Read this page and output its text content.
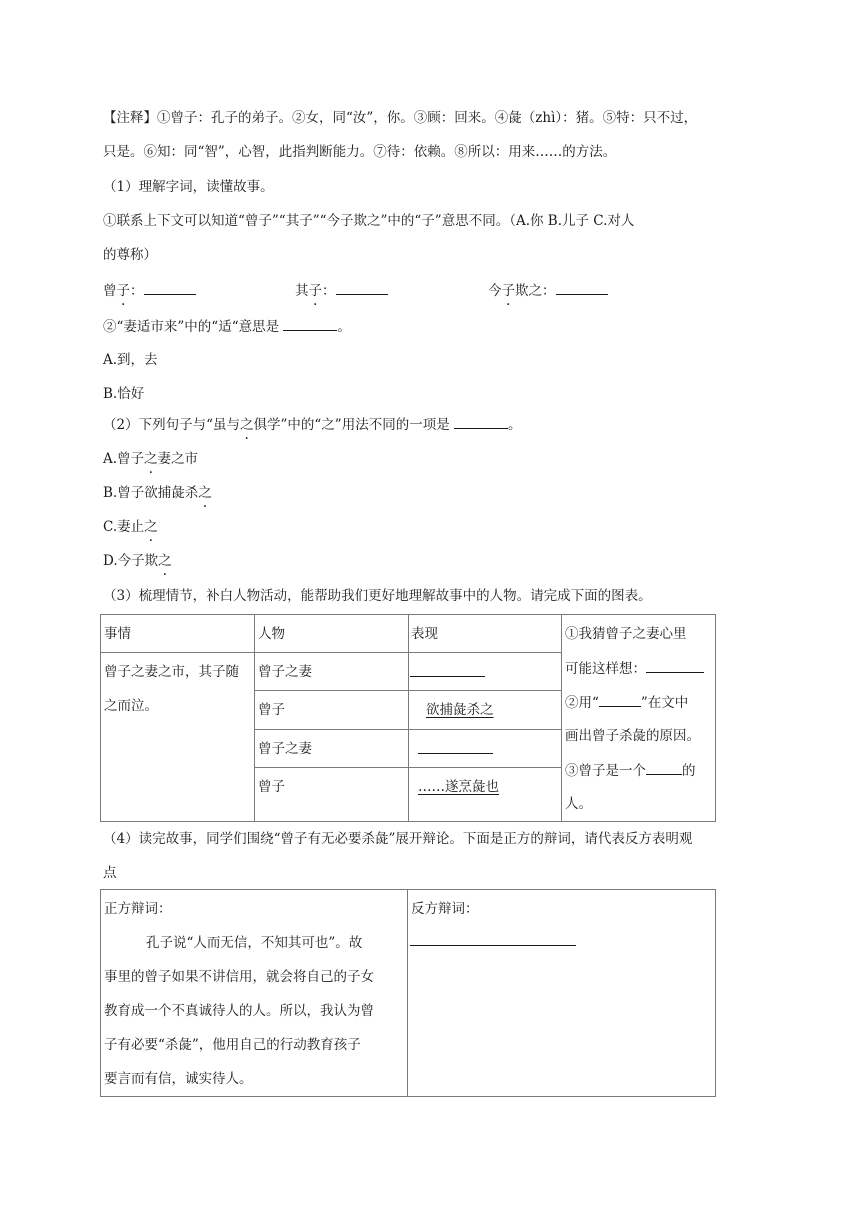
【注释】①曾子：孔子的弟子。②女，同“汝”，你。③顾：回来。④彘（zhì）：猪。⑤特：只不过，
只是。⑥知：同“智”，心智，此指判断能力。⑦待：依赖。⑧所以：用来……的方法。
（1）理解字词，读懂故事。
①联系上下文可以知道“曾子”“其子”“今子欺之”中的“子”意思不同。（A.你 B.儿子 C.对人
的尊称）
曾子：	其子：	今子欺之：
②“妻适市来”中的“适“意思是	。
A.到，去
B.恰好
（2）下列句子与“虽与之俱学”中的“之”用法不同的一项是	。
A.曾子之妻之市
B.曾子欲捕彘杀之
C.妻止之
D.今子欺之
（3）梳理情节，补白人物活动，能帮助我们更好地理解故事中的人物。请完成下面的图表。

事情	人物	表现
曾子之妻之市，其子随
之而泣。
曾子之妻
曾子	欲捕彘杀之
曾子之妻
曾子	……遂烹彘也
①我猜曾子之妻心里
可能这样想：
②用“	”在文中
画出曾子杀彘的原因。
③曾子是一个	的
人。
（4）读完故事，同学们围绕“曾子有无必要杀彘”展开辩论。下面是正方的辩词，请代表反方表明观
点

正方辩词：
孔子说“人而无信，不知其可也”。故
事里的曾子如果不讲信用，就会将自己的子女
教育成一个不真诚待人的人。所以，我认为曾
子有必要“杀彘”，他用自己的行动教育孩子
要言而有信，诚实待人。
反方辩词：
